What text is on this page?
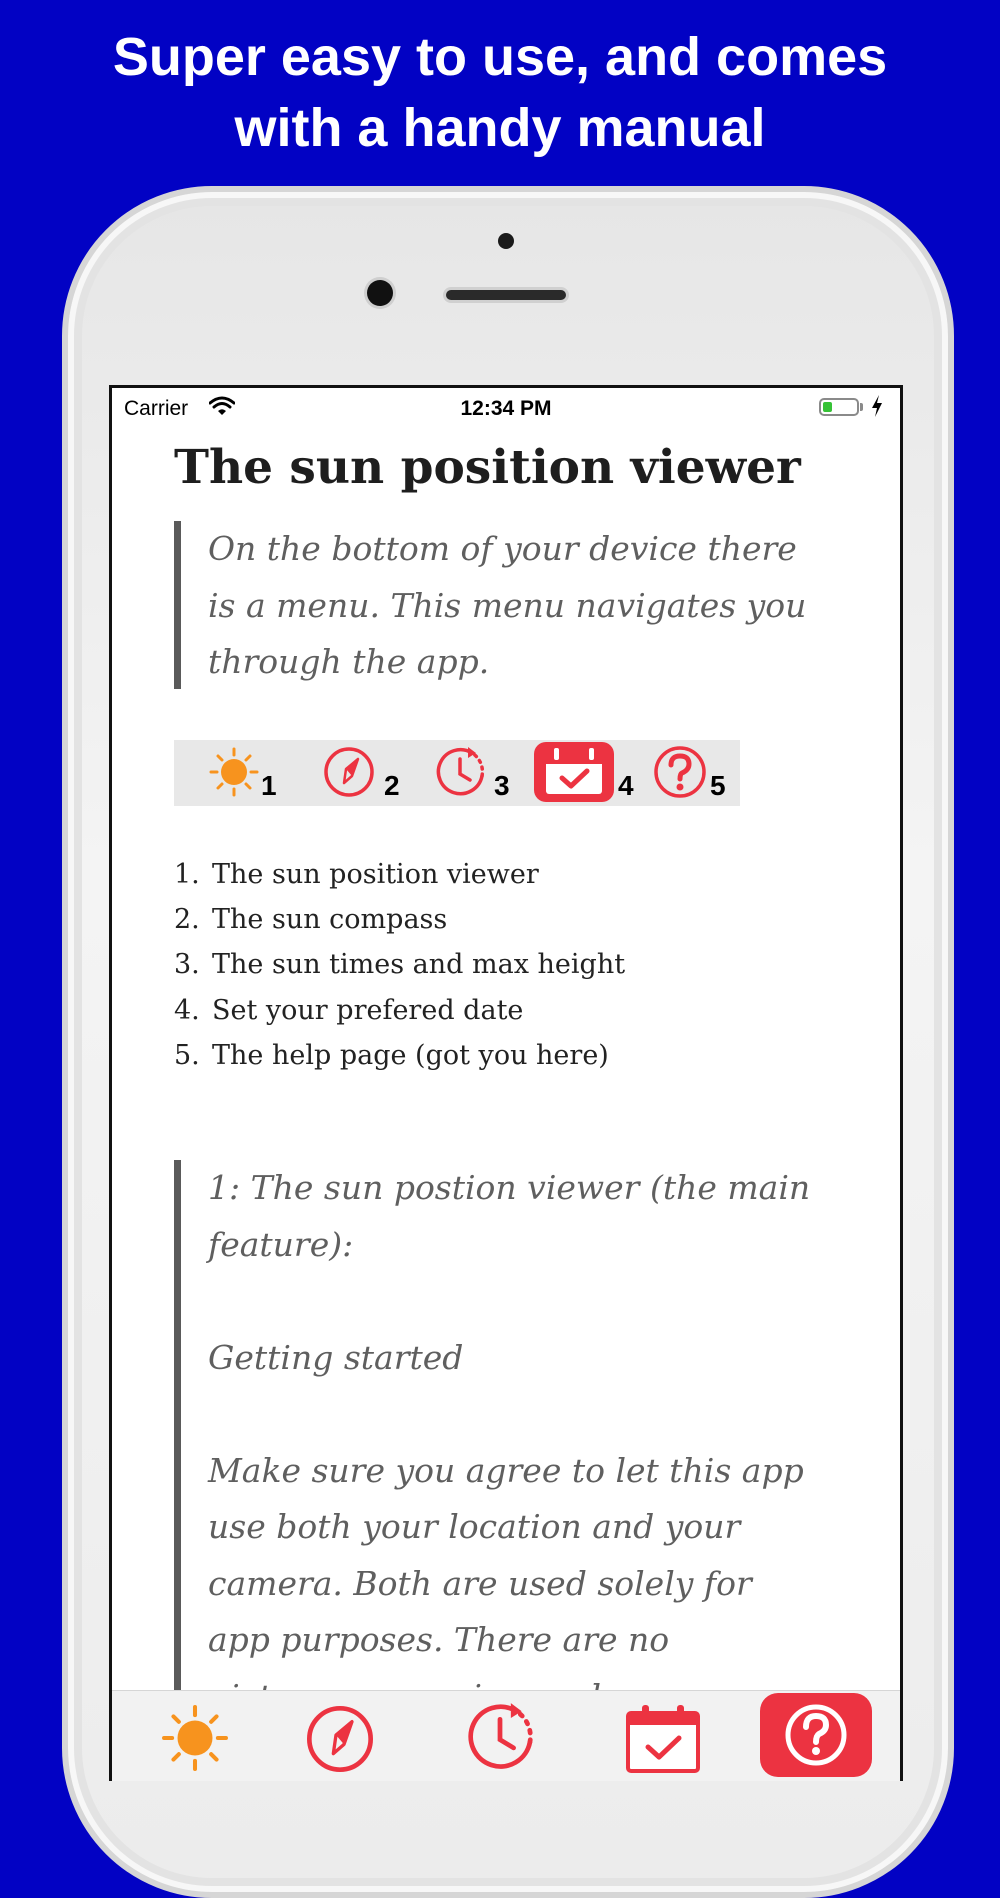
Super easy to use, and comes
with a handy manual
Carrier	12:34 PM
The sun position viewer

On the bottom of your device there is a menu. This menu navigates you through the app.

1	2	3	4	5
1. The sun position viewer
2. The sun compass
3. The sun times and max height
4. Set your prefered date
5. The help page (got you here)

1: The sun postion viewer (the main feature):

Getting started

Make sure you agree to let this app use both your location and your camera. Both are used solely for app purposes. There are no
